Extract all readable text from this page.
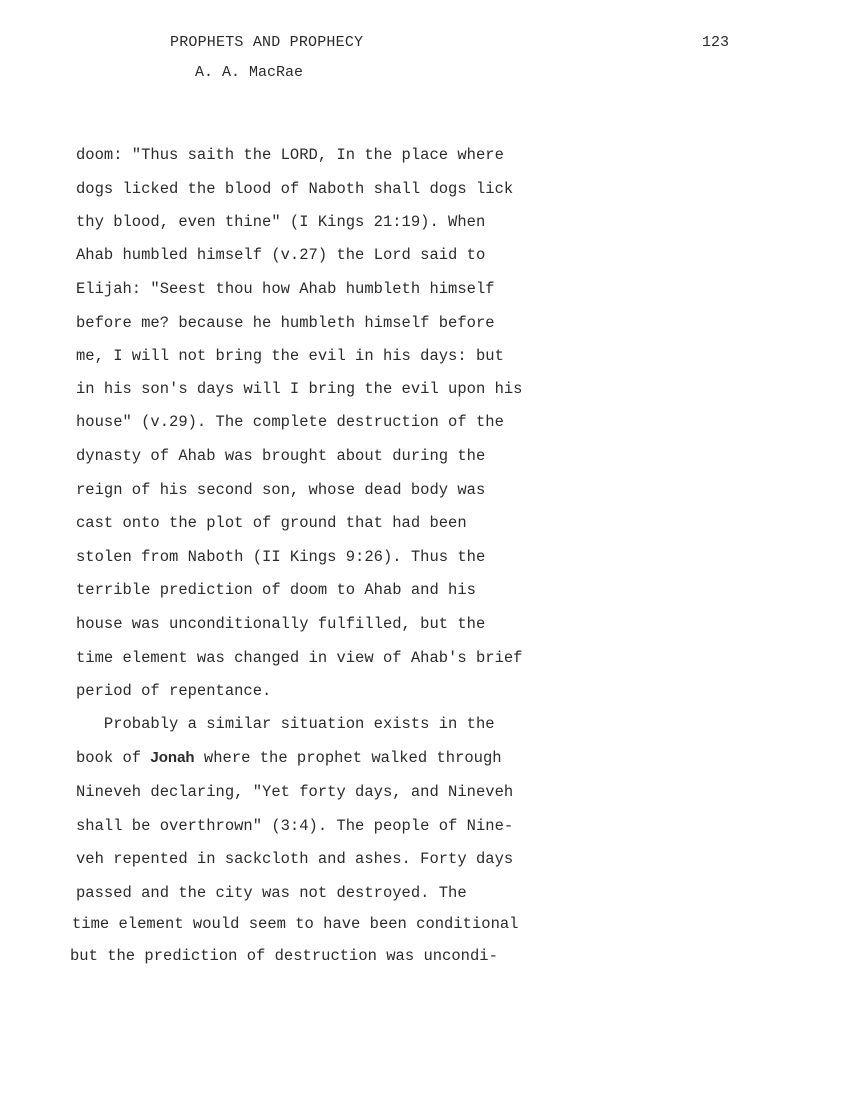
PROPHETS AND PROPHECY
A. A. MacRae
123
doom: "Thus saith the LORD, In the place where
dogs licked the blood of Naboth shall dogs lick
thy blood, even thine" (I Kings 21:19). When
Ahab humbled himself (v.27) the Lord said to
Elijah: "Seest thou how Ahab humbleth himself
before me? because he humbleth himself before
me, I will not bring the evil in his days: but
in his son's days will I bring the evil upon his
house" (v.29). The complete destruction of the
dynasty of Ahab was brought about during the
reign of his second son, whose dead body was
cast onto the plot of ground that had been
stolen from Naboth (II Kings 9:26). Thus the
terrible prediction of doom to Ahab and his
house was unconditionally fulfilled, but the
time element was changed in view of Ahab's brief
period of repentance.
Probably a similar situation exists in the
book of Jonah where the prophet walked through
Nineveh declaring, "Yet forty days, and Nineveh
shall be overthrown" (3:4). The people of Nine-
veh repented in sackcloth and ashes. Forty days
passed and the city was not destroyed. The
time element would seem to have been conditional
but the prediction of destruction was uncondi-
